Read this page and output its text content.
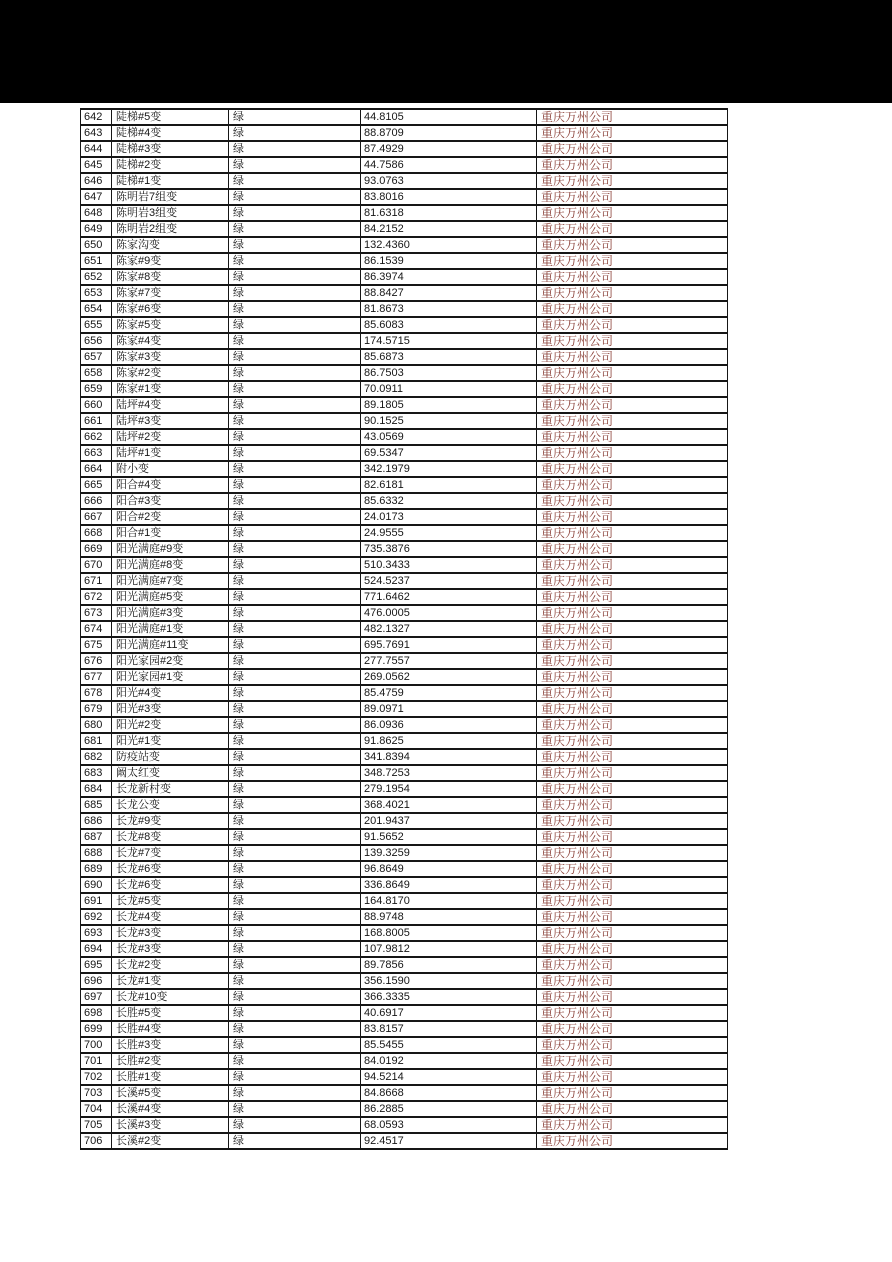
642	陡梯#5变	绿	44.8105	重庆万州公司
643	陡梯#4变	绿	88.8709	重庆万州公司
644	陡梯#3变	绿	87.4929	重庆万州公司
645	陡梯#2变	绿	44.7586	重庆万州公司
646	陡梯#1变	绿	93.0763	重庆万州公司
647	陈明岩7组变	绿	83.8016	重庆万州公司
648	陈明岩3组变	绿	81.6318	重庆万州公司
649	陈明岩2组变	绿	84.2152	重庆万州公司
650	陈家沟变	绿	132.4360	重庆万州公司
651	陈家#9变	绿	86.1539	重庆万州公司
652	陈家#8变	绿	86.3974	重庆万州公司
653	陈家#7变	绿	88.8427	重庆万州公司
654	陈家#6变	绿	81.8673	重庆万州公司
655	陈家#5变	绿	85.6083	重庆万州公司
656	陈家#4变	绿	174.5715	重庆万州公司
657	陈家#3变	绿	85.6873	重庆万州公司
658	陈家#2变	绿	86.7503	重庆万州公司
659	陈家#1变	绿	70.0911	重庆万州公司
660	陆坪#4变	绿	89.1805	重庆万州公司
661	陆坪#3变	绿	90.1525	重庆万州公司
662	陆坪#2变	绿	43.0569	重庆万州公司
663	陆坪#1变	绿	69.5347	重庆万州公司
664	附小变	绿	342.1979	重庆万州公司
665	阳合#4变	绿	82.6181	重庆万州公司
666	阳合#3变	绿	85.6332	重庆万州公司
667	阳合#2变	绿	24.0173	重庆万州公司
668	阳合#1变	绿	24.9555	重庆万州公司
669	阳光满庭#9变	绿	735.3876	重庆万州公司
670	阳光满庭#8变	绿	510.3433	重庆万州公司
671	阳光满庭#7变	绿	524.5237	重庆万州公司
672	阳光满庭#5变	绿	771.6462	重庆万州公司
673	阳光满庭#3变	绿	476.0005	重庆万州公司
674	阳光满庭#1变	绿	482.1327	重庆万州公司
675	阳光满庭#11变	绿	695.7691	重庆万州公司
676	阳光家园#2变	绿	277.7557	重庆万州公司
677	阳光家园#1变	绿	269.0562	重庆万州公司
678	阳光#4变	绿	85.4759	重庆万州公司
679	阳光#3变	绿	89.0971	重庆万州公司
680	阳光#2变	绿	86.0936	重庆万州公司
681	阳光#1变	绿	91.8625	重庆万州公司
682	防疫站变	绿	341.8394	重庆万州公司
683	阚太红变	绿	348.7253	重庆万州公司
684	长龙新村变	绿	279.1954	重庆万州公司
685	长龙公变	绿	368.4021	重庆万州公司
686	长龙#9变	绿	201.9437	重庆万州公司
687	长龙#8变	绿	91.5652	重庆万州公司
688	长龙#7变	绿	139.3259	重庆万州公司
689	长龙#6变	绿	96.8649	重庆万州公司
690	长龙#6变	绿	336.8649	重庆万州公司
691	长龙#5变	绿	164.8170	重庆万州公司
692	长龙#4变	绿	88.9748	重庆万州公司
693	长龙#3变	绿	168.8005	重庆万州公司
694	长龙#3变	绿	107.9812	重庆万州公司
695	长龙#2变	绿	89.7856	重庆万州公司
696	长龙#1变	绿	356.1590	重庆万州公司
697	长龙#10变	绿	366.3335	重庆万州公司
698	长胜#5变	绿	40.6917	重庆万州公司
699	长胜#4变	绿	83.8157	重庆万州公司
700	长胜#3变	绿	85.5455	重庆万州公司
701	长胜#2变	绿	84.0192	重庆万州公司
702	长胜#1变	绿	94.5214	重庆万州公司
703	长溪#5变	绿	84.8668	重庆万州公司
704	长溪#4变	绿	86.2885	重庆万州公司
705	长溪#3变	绿	68.0593	重庆万州公司
706	长溪#2变	绿	92.4517	重庆万州公司
